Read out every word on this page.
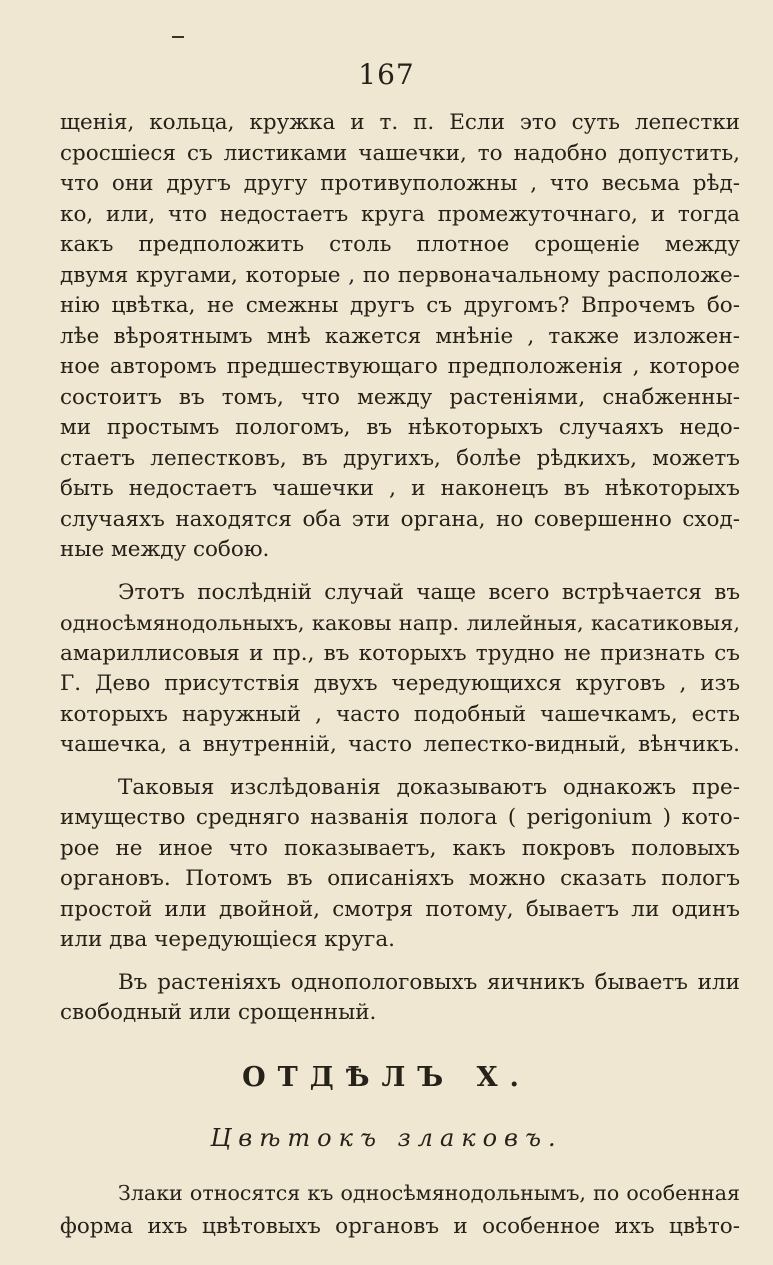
167
щенія, кольца, кружка и т. п. Если это суть лепестки
сросшіеся съ листиками чашечки, то надобно допустить,
что они другъ другу противуположны , что весьма рѣд-
ко, или, что недостаетъ круга промежуточнаго, и тогда
какъ предположить столь плотное срощеніе между
двумя кругами, которые , по первоначальному расположе-
нію цвѣтка, не смежны другъ съ другомъ? Впрочемъ бо-
лѣе вѣроятнымъ мнѣ кажется мнѣніе , также изложен-
ное авторомъ предшествующаго предположенія , которое
состоитъ въ томъ, что между растеніями, снабженны-
ми простымъ пологомъ, въ нѣкоторыхъ случаяхъ недо-
стаетъ лепестковъ, въ другихъ, болѣе рѣдкихъ, можетъ
быть недостаетъ чашечки , и наконецъ въ нѣкоторыхъ
случаяхъ находятся оба эти органа, но совершенно сход-
ные между собою.
Этотъ послѣдній случай чаще всего встрѣчается въ
односѣмянодольныхъ, каковы напр. лилейныя, касатиковыя,
амариллисовыя и пр., въ которыхъ трудно не признать съ
Г. Дево присутствія двухъ чередующихся круговъ , изъ
которыхъ наружный , часто подобный чашечкамъ, есть
чашечка, а внутренній, часто лепестко-видный, вѣнчикъ.
Таковыя изслѣдованія доказываютъ однакожъ пре-
имущество средняго названія полога ( perigonium ) кото-
рое не иное что показываетъ, какъ покровъ половыхъ
органовъ. Потомъ въ описаніяхъ можно сказать пологъ
простой или двойной, смотря потому, бываетъ ли одинъ
или два чередующіеся круга.
Въ растеніяхъ однопологовыхъ яичникъ бываетъ или
свободный или срощенный.
ОТДѢЛЪ X.
Цвѣтокъ злаковъ.
Злаки относятся къ односѣмянодольнымъ, по особенная
форма ихъ цвѣтовыхъ органовъ и особенное ихъ цвѣто-
